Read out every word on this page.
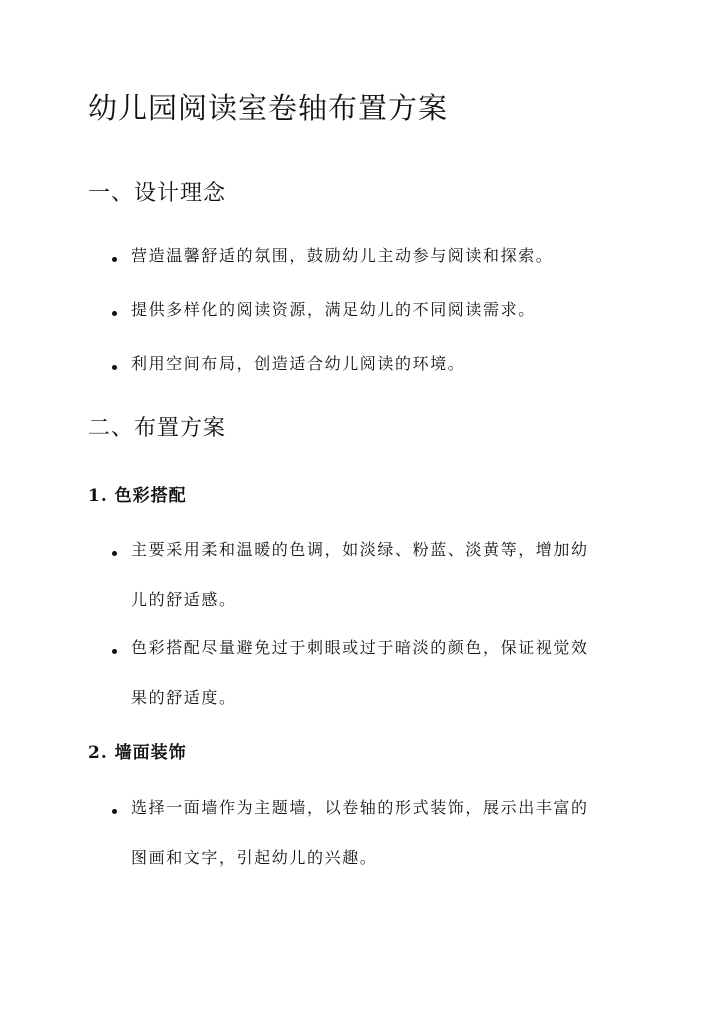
幼儿园阅读室卷轴布置方案
一、设计理念
营造温馨舒适的氛围，鼓励幼儿主动参与阅读和探索。
提供多样化的阅读资源，满足幼儿的不同阅读需求。
利用空间布局，创造适合幼儿阅读的环境。
二、布置方案
1. 色彩搭配
主要采用柔和温暖的色调，如淡绿、粉蓝、淡黄等，增加幼
儿的舒适感。
色彩搭配尽量避免过于刺眼或过于暗淡的颜色，保证视觉效
果的舒适度。
2. 墙面装饰
选择一面墙作为主题墙，以卷轴的形式装饰，展示出丰富的
图画和文字，引起幼儿的兴趣。
